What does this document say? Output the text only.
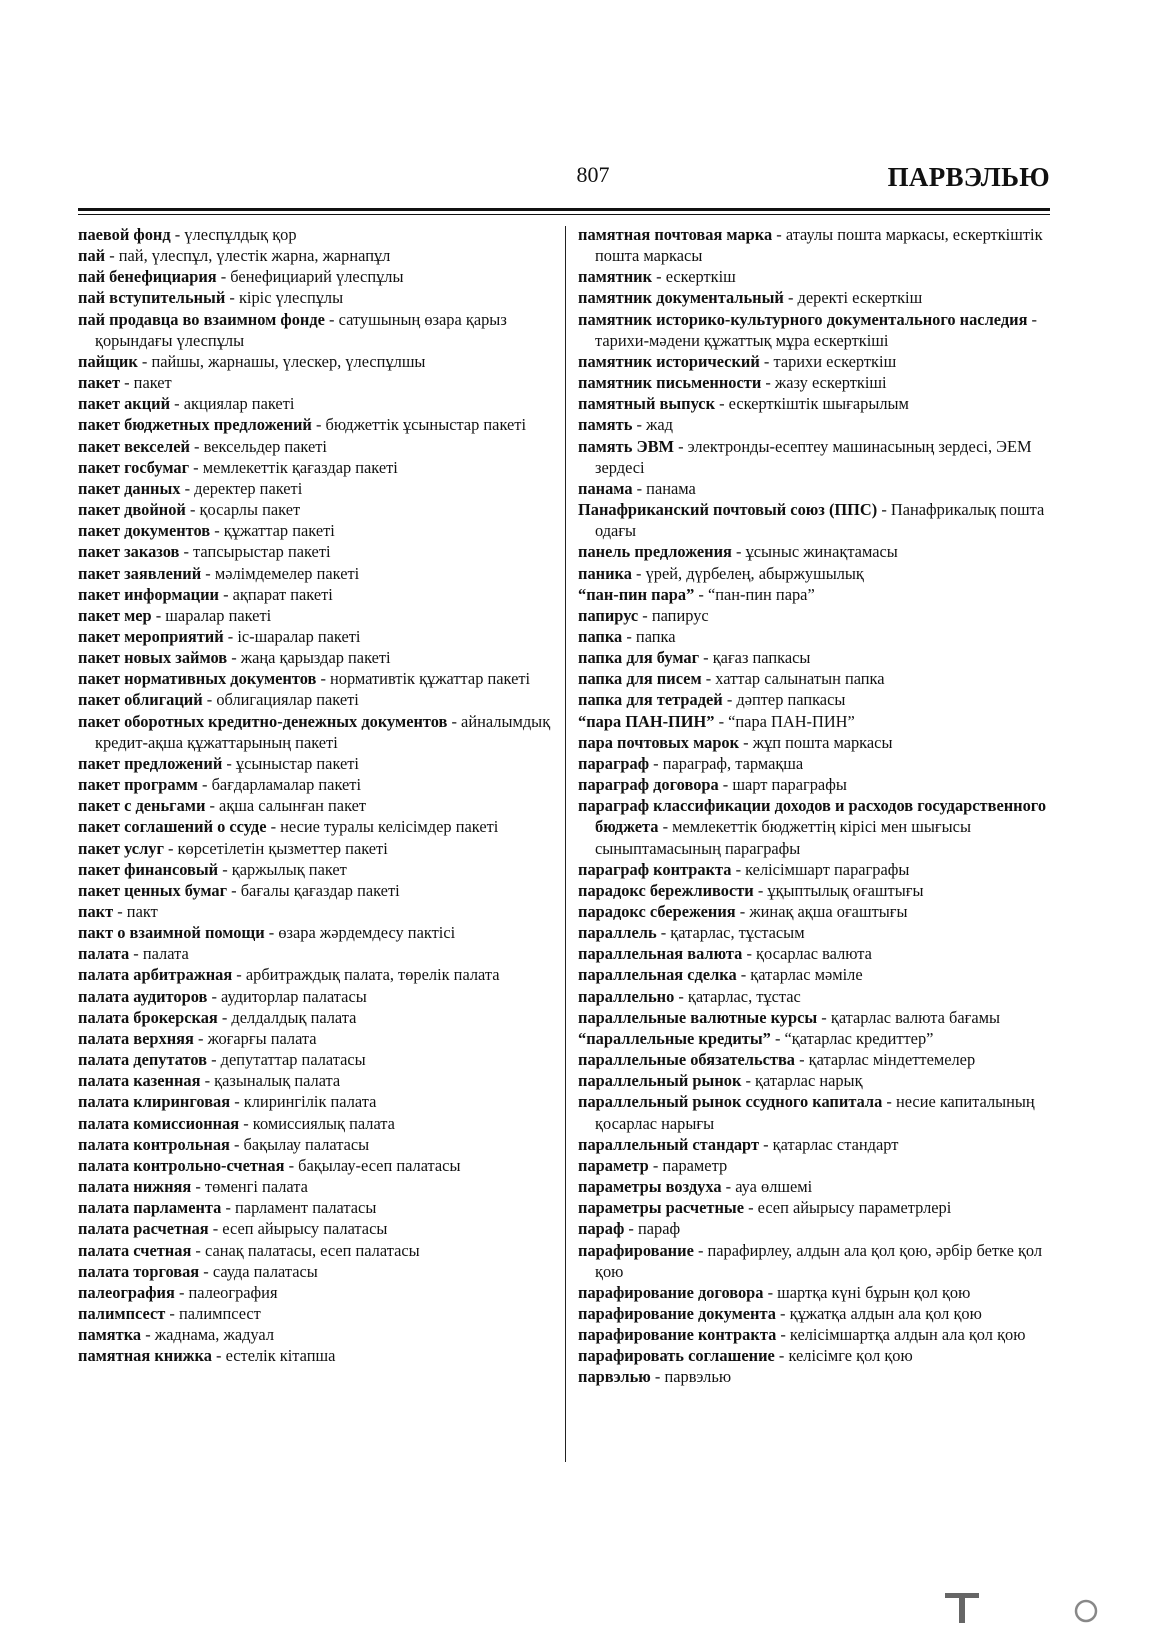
807	ПАРВЭЛЬЮ
паевой фонд - үлеспұлдық қор
пай - пай, үлеспұл, үлестік жарна, жарнапұл
пай бенефициария - бенефициарий үлеспұлы
пай вступительный - кіріс үлеспұлы
пай продавца во взаимном фонде - сатушының өзара қарыз қорындағы үлеспұлы
пайщик - пайшы, жарнашы, үлескер, үлеспұлшы
пакет - пакет
пакет акций - акциялар пакеті
пакет бюджетных предложений - бюджеттік ұсыныстар пакеті
пакет векселей - вексельдер пакеті
пакет госбумаг - мемлекеттік қағаздар пакеті
пакет данных - деректер пакеті
пакет двойной - қосарлы пакет
пакет документов - құжаттар пакеті
пакет заказов - тапсырыстар пакеті
пакет заявлений - мәлімдемелер пакеті
пакет информации - ақпарат пакеті
пакет мер - шаралар пакеті
пакет мероприятий - іс-шаралар пакеті
пакет новых займов - жаңа қарыздар пакеті
пакет нормативных документов - нормативтік құжаттар пакеті
пакет облигаций - облигациялар пакеті
пакет оборотных кредитно-денежных документов - айналымдық кредит-ақша құжаттарының пакеті
пакет предложений - ұсыныстар пакеті
пакет программ - бағдарламалар пакеті
пакет с деньгами - ақша салынған пакет
пакет соглашений о ссуде - несие туралы келісімдер пакеті
пакет услуг - көрсетілетін қызметтер пакеті
пакет финансовый - қаржылық пакет
пакет ценных бумаг - бағалы қағаздар пакеті
пакт - пакт
пакт о взаимной помощи - өзара жәрдемдесу пактісі
палата - палата
палата арбитражная - арбитраждық палата, төрелік палата
палата аудиторов - аудиторлар палатасы
палата брокерская - делдалдық палата
палата верхняя - жоғарғы палата
палата депутатов - депутаттар палатасы
палата казенная - қазыналық палата
палата клиринговая - клирингілік палата
палата комиссионная - комиссиялық палата
палата контрольная - бақылау палатасы
палата контрольно-счетная - бақылау-есеп палатасы
палата нижняя - төменгі палата
палата парламента - парламент палатасы
палата расчетная - есеп айырысу палатасы
палата счетная - санақ палатасы, есеп палатасы
палата торговая - сауда палатасы
палеография - палеография
палимпсест - палимпсест
памятка - жаднама, жадуал
памятная книжка - естелік кітапша
памятная почтовая марка - атаулы пошта маркасы, ескерткіштік пошта маркасы
памятник - ескерткіш
памятник документальный - деректі ескерткіш
памятник историко-культурного документального наследия - тарихи-мәдени құжаттық мұра ескерткіші
памятник исторический - тарихи ескерткіш
памятник письменности - жазу ескерткіші
памятный выпуск - ескерткіштік шығарылым
память - жад
память ЭВМ - электронды-есептеу машинасының зердесі, ЭЕМ зердесі
панама - панама
Панафриканский почтовый союз (ППС) - Панафрикалық пошта одағы
панель предложения - ұсыныс жинақтамасы
паника - үрей, дүрбелең, абыржушылық
“пан-пин пара” - “пан-пин пара”
папирус - папирус
папка - папка
папка для бумаг - қағаз папкасы
папка для писем - хаттар салынатын папка
папка для тетрадей - дәптер папкасы
“пара ПАН-ПИН” - “пара ПАН-ПИН”
пара почтовых марок - жұп пошта маркасы
параграф - параграф, тармақша
параграф договора - шарт параграфы
параграф классификации доходов и расходов государственного бюджета - мемлекеттік бюджеттің кірісі мен шығысы сыныптамасының параграфы
параграф контракта - келісімшарт параграфы
парадокс бережливости - ұқыптылық оғаштығы
парадокс сбережения - жинақ ақша оғаштығы
параллель - қатарлас, тұстасым
параллельная валюта - қосарлас валюта
параллельная сделка - қатарлас мәміле
параллельно - қатарлас, тұстас
параллельные валютные курсы - қатарлас валюта бағамы
“параллельные кредиты” - “қатарлас кредиттер”
параллельные обязательства - қатарлас міндеттемелер
параллельный рынок - қатарлас нарық
параллельный рынок ссудного капитала - несие капиталының қосарлас нарығы
параллельный стандарт - қатарлас стандарт
параметр - параметр
параметры воздуха - ауа өлшемі
параметры расчетные - есеп айырысу параметрлері
параф - параф
парафирование - парафирлеу, алдын ала қол қою, әрбір бетке қол қою
парафирование договора - шартқа күні бұрын қол қою
парафирование документа - құжатқа алдын ала қол қою
парафирование контракта - келісімшартқа алдын ала қол қою
парафировать соглашение - келісімге қол қою
парвэлью - парвэлью
